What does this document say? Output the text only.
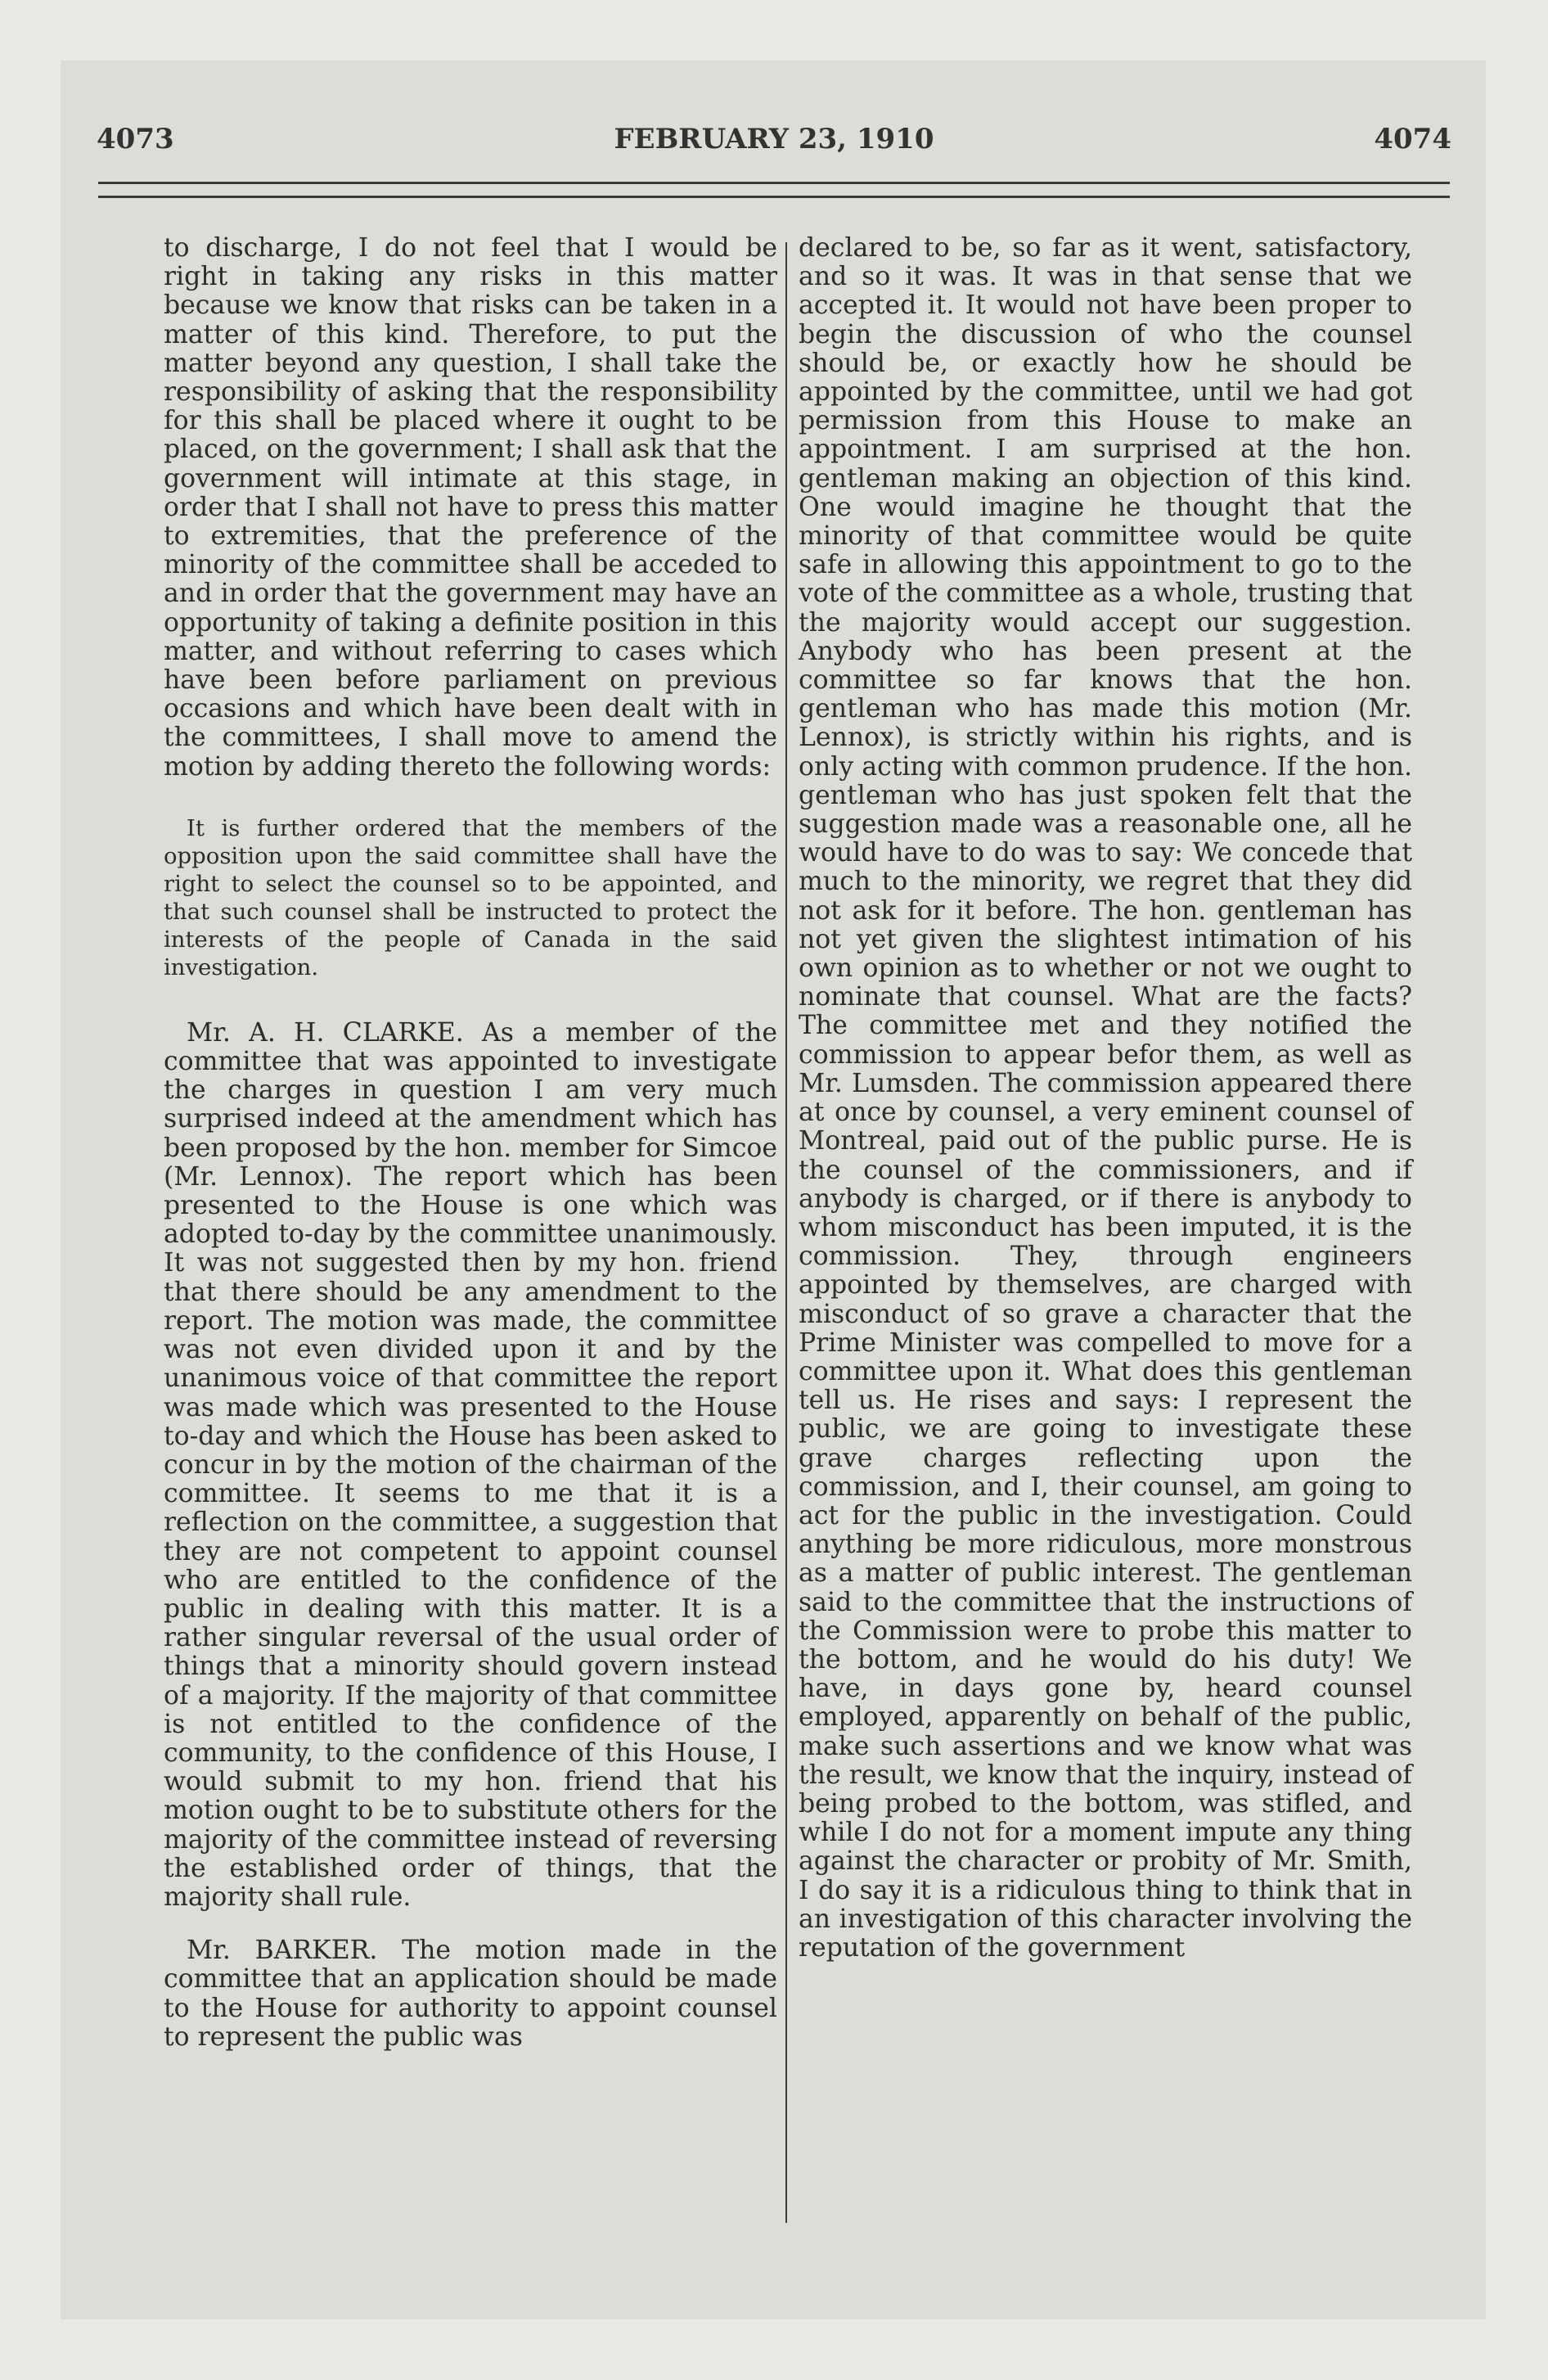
4073	FEBRUARY 23, 1910	4074

to discharge, I do not feel that I would be right in taking any risks in this matter because we know that risks can be taken in a matter of this kind. Therefore, to put the matter beyond any question, I shall take the responsibility of asking that the responsibility for this shall be placed where it ought to be placed, on the government; I shall ask that the government will intimate at this stage, in order that I shall not have to press this matter to extremities, that the preference of the minority of the committee shall be acceded to and in order that the government may have an opportunity of taking a definite position in this matter, and without referring to cases which have been before parliament on previous occasions and which have been dealt with in the committees, I shall move to amend the motion by adding thereto the following words:

It is further ordered that the members of the opposition upon the said committee shall have the right to select the counsel so to be appointed, and that such counsel shall be instructed to protect the interests of the people of Canada in the said investigation.

Mr. A. H. CLARKE. As a member of the committee that was appointed to investigate the charges in question I am very much surprised indeed at the amendment which has been proposed by the hon. member for Simcoe (Mr. Lennox). The report which has been presented to the House is one which was adopted to-day by the committee unanimously. It was not suggested then by my hon. friend that there should be any amendment to the report. The motion was made, the committee was not even divided upon it and by the unanimous voice of that committee the report was made which was presented to the House to-day and which the House has been asked to concur in by the motion of the chairman of the committee. It seems to me that it is a reflection on the committee, a suggestion that they are not competent to appoint counsel who are entitled to the confidence of the public in dealing with this matter. It is a rather singular reversal of the usual order of things that a minority should govern instead of a majority. If the majority of that committee is not entitled to the confidence of the community, to the confidence of this House, I would submit to my hon. friend that his motion ought to be to substitute others for the majority of the committee instead of reversing the established order of things, that the majority shall rule.

Mr. BARKER. The motion made in the committee that an application should be made to the House for authority to appoint counsel to represent the public was

declared to be, so far as it went, satisfactory, and so it was. It was in that sense that we accepted it. It would not have been proper to begin the discussion of who the counsel should be, or exactly how he should be appointed by the committee, until we had got permission from this House to make an appointment. I am surprised at the hon. gentleman making an objection of this kind. One would imagine he thought that the minority of that committee would be quite safe in allowing this appointment to go to the vote of the committee as a whole, trusting that the majority would accept our suggestion. Anybody who has been present at the committee so far knows that the hon. gentleman who has made this motion (Mr. Lennox), is strictly within his rights, and is only acting with common prudence. If the hon. gentleman who has just spoken felt that the suggestion made was a reasonable one, all he would have to do was to say: We concede that much to the minority, we regret that they did not ask for it before. The hon. gentleman has not yet given the slightest intimation of his own opinion as to whether or not we ought to nominate that counsel. What are the facts? The committee met and they notified the commission to appear befor them, as well as Mr. Lumsden. The commission appeared there at once by counsel, a very eminent counsel of Montreal, paid out of the public purse. He is the counsel of the commissioners, and if anybody is charged, or if there is anybody to whom misconduct has been imputed, it is the commission. They, through engineers appointed by themselves, are charged with misconduct of so grave a character that the Prime Minister was compelled to move for a committee upon it. What does this gentleman tell us. He rises and says: I represent the public, we are going to investigate these grave charges reflecting upon the commission, and I, their counsel, am going to act for the public in the investigation. Could anything be more ridiculous, more monstrous as a matter of public interest. The gentleman said to the committee that the instructions of the Commission were to probe this matter to the bottom, and he would do his duty! We have, in days gone by, heard counsel employed, apparently on behalf of the public, make such assertions and we know what was the result, we know that the inquiry, instead of being probed to the bottom, was stifled, and while I do not for a moment impute any thing against the character or probity of Mr. Smith, I do say it is a ridiculous thing to think that in an investigation of this character involving the reputation of the government
